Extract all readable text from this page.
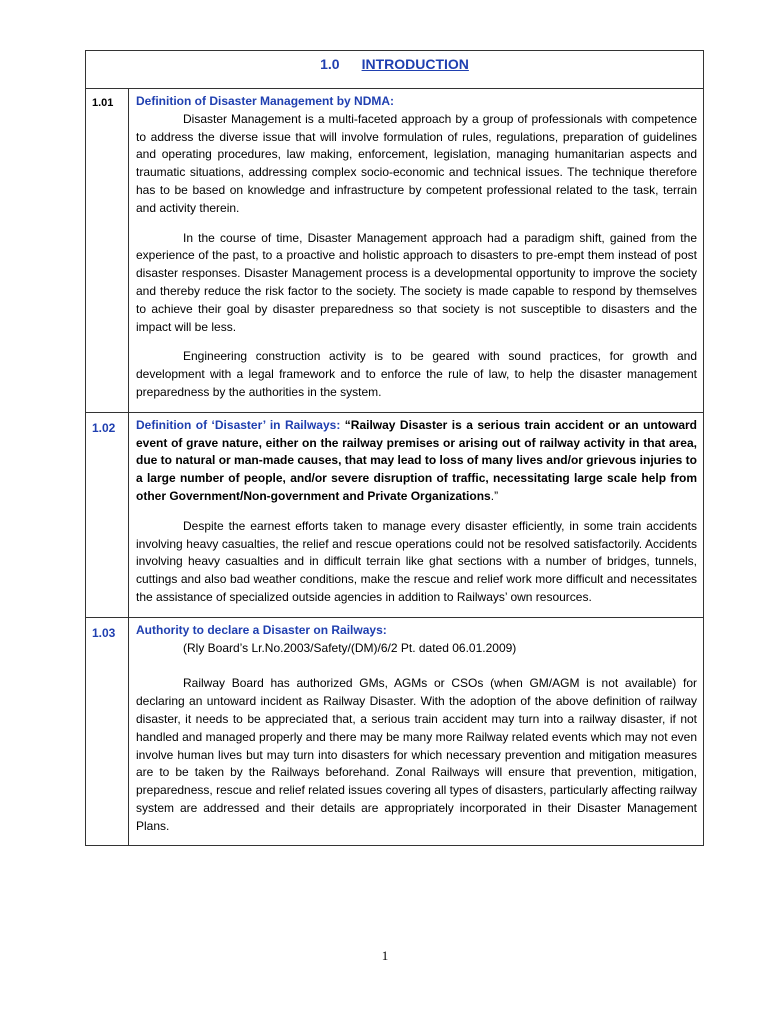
1.0 INTRODUCTION	

1.01	Definition of Disaster Management by NDMA:

Disaster Management is a multi-faceted approach by a group of professionals with competence to address the diverse issue that will involve formulation of rules, regulations, preparation of guidelines and operating procedures, law making, enforcement, legislation, managing humanitarian aspects and traumatic situations, addressing complex socio-economic and technical issues. The technique therefore has to be based on knowledge and infrastructure by competent professional related to the task, terrain and activity therein.

In the course of time, Disaster Management approach had a paradigm shift, gained from the experience of the past, to a proactive and holistic approach to disasters to pre-empt them instead of post disaster responses. Disaster Management process is a developmental opportunity to improve the society and thereby reduce the risk factor to the society. The society is made capable to respond by themselves to achieve their goal by disaster preparedness so that society is not susceptible to disasters and the impact will be less.

Engineering construction activity is to be geared with sound practices, for growth and development with a legal framework and to enforce the rule of law, to help the disaster management preparedness by the authorities in the system.

1.02	Definition of ‘Disaster’ in Railways: “Railway Disaster is a serious train accident or an untoward event of grave nature, either on the railway premises or arising out of railway activity in that area, due to natural or man-made causes, that may lead to loss of many lives and/or grievous injuries to a large number of people, and/or severe disruption of traffic, necessitating large scale help from other Government/Non-government and Private Organizations.”

Despite the earnest efforts taken to manage every disaster efficiently, in some train accidents involving heavy casualties, the relief and rescue operations could not be resolved satisfactorily. Accidents involving heavy casualties and in difficult terrain like ghat sections with a number of bridges, tunnels, cuttings and also bad weather conditions, make the rescue and relief work more difficult and necessitates the assistance of specialized outside agencies in addition to Railways’ own resources.

1.03	Authority to declare a Disaster on Railways:
(Rly Board’s Lr.No.2003/Safety/(DM)/6/2 Pt. dated 06.01.2009)

Railway Board has authorized GMs, AGMs or CSOs (when GM/AGM is not available) for declaring an untoward incident as Railway Disaster. With the adoption of the above definition of railway disaster, it needs to be appreciated that, a serious train accident may turn into a railway disaster, if not handled and managed properly and there may be many more Railway related events which may not even involve human lives but may turn into disasters for which necessary prevention and mitigation measures are to be taken by the Railways beforehand. Zonal Railways will ensure that prevention, mitigation, preparedness, rescue and relief related issues covering all types of disasters, particularly affecting railway system are addressed and their details are appropriately incorporated in their Disaster Management Plans.

1
